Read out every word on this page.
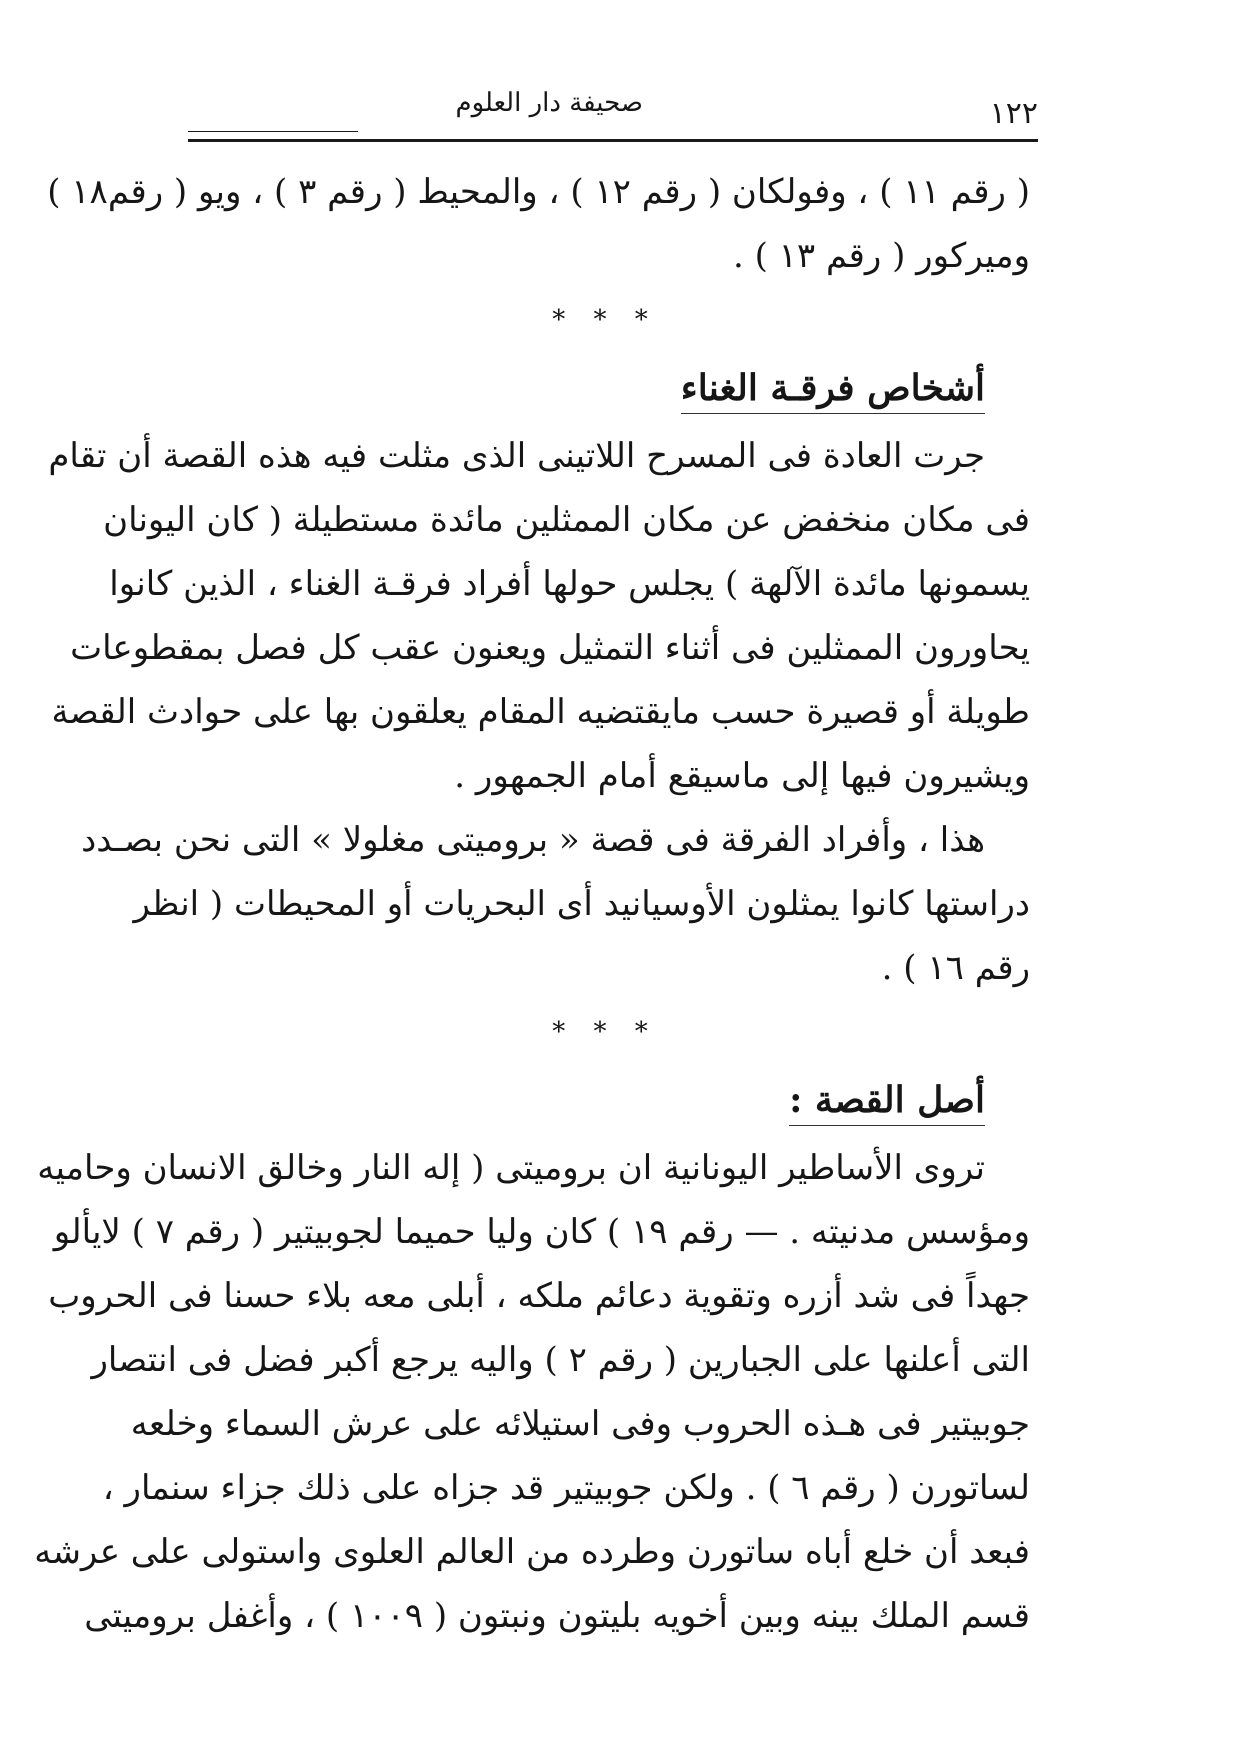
١٢٢
صحيفة دار العلوم
( رقم ١١ ) ، وفولكان ( رقم ١٢ ) ، والمحيط ( رقم ٣ ) ، ويو ( رقم١٨ )
وميركور ( رقم ١٣ ) .
* * *
أشخاص فرقـة الغناء
جرت العادة فى المسرح اللاتينى الذى مثلت فيه هذه القصة أن تقام
فى مكان منخفض عن مكان الممثلين مائدة مستطيلة ( كان اليونان
يسمونها مائدة الآلهة ) يجلس حولها أفراد فرقـة الغناء ، الذين كانوا
يحاورون الممثلين فى أثناء التمثيل ويعنون عقب كل فصل بمقطوعات
طويلة أو قصيرة حسب مايقتضيه المقام يعلقون بها على حوادث القصة
ويشيرون فيها إلى ماسيقع أمام الجمهور .
هذا ، وأفراد الفرقة فى قصة « بروميتى مغلولا » التى نحن بصـدد
دراستها كانوا يمثلون الأوسيانيد أى البحريات أو المحيطات ( انظر
رقم ١٦ ) .
* * *
أصل القصة :
تروى الأساطير اليونانية ان بروميتى ( إله النار وخالق الانسان وحاميه
ومؤسس مدنيته . — رقم ١٩ ) كان وليا حميما لجوبيتير ( رقم ٧ ) لايألو
جهداً فى شد أزره وتقوية دعائم ملكه ، أبلى معه بلاء حسنا فى الحروب
التى أعلنها على الجبارين ( رقم ٢ ) واليه يرجع أكبر فضل فى انتصار
جوبيتير فى هـذه الحروب وفى استيلائه على عرش السماء وخلعه
لساتورن ( رقم ٦ ) . ولكن جوبيتير قد جزاه على ذلك جزاء سنمار ،
فبعد أن خلع أباه ساتورن وطرده من العالم العلوى واستولى على عرشه
قسم الملك بينه وبين أخويه بليتون ونبتون ( ١٠٠٩ ) ، وأغفل بروميتى
